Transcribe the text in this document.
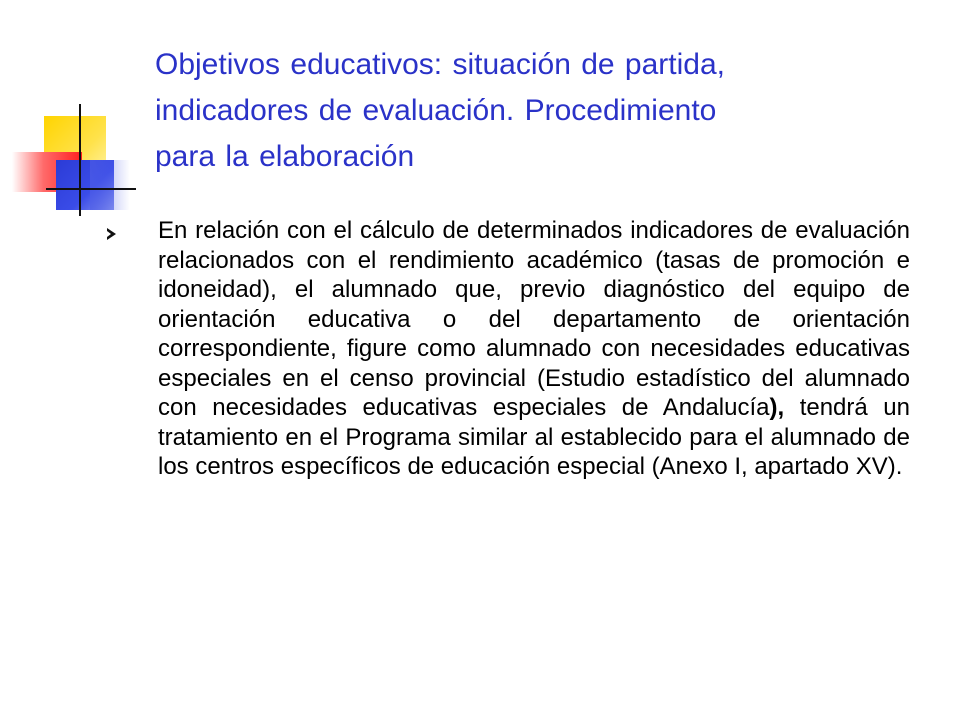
Objetivos educativos: situación de partida, indicadores de evaluación. Procedimiento para la elaboración

En relación con el cálculo de determinados indicadores de evaluación relacionados con el rendimiento académico (tasas de promoción e idoneidad), el alumnado que, previo diagnóstico del equipo de orientación educativa o del departamento de orientación correspondiente, figure como alumnado con necesidades educativas especiales en el censo provincial (Estudio estadístico del alumnado con necesidades educativas especiales de Andalucía), tendrá un tratamiento en el Programa similar al establecido para el alumnado de los centros específicos de educación especial (Anexo I, apartado XV).
